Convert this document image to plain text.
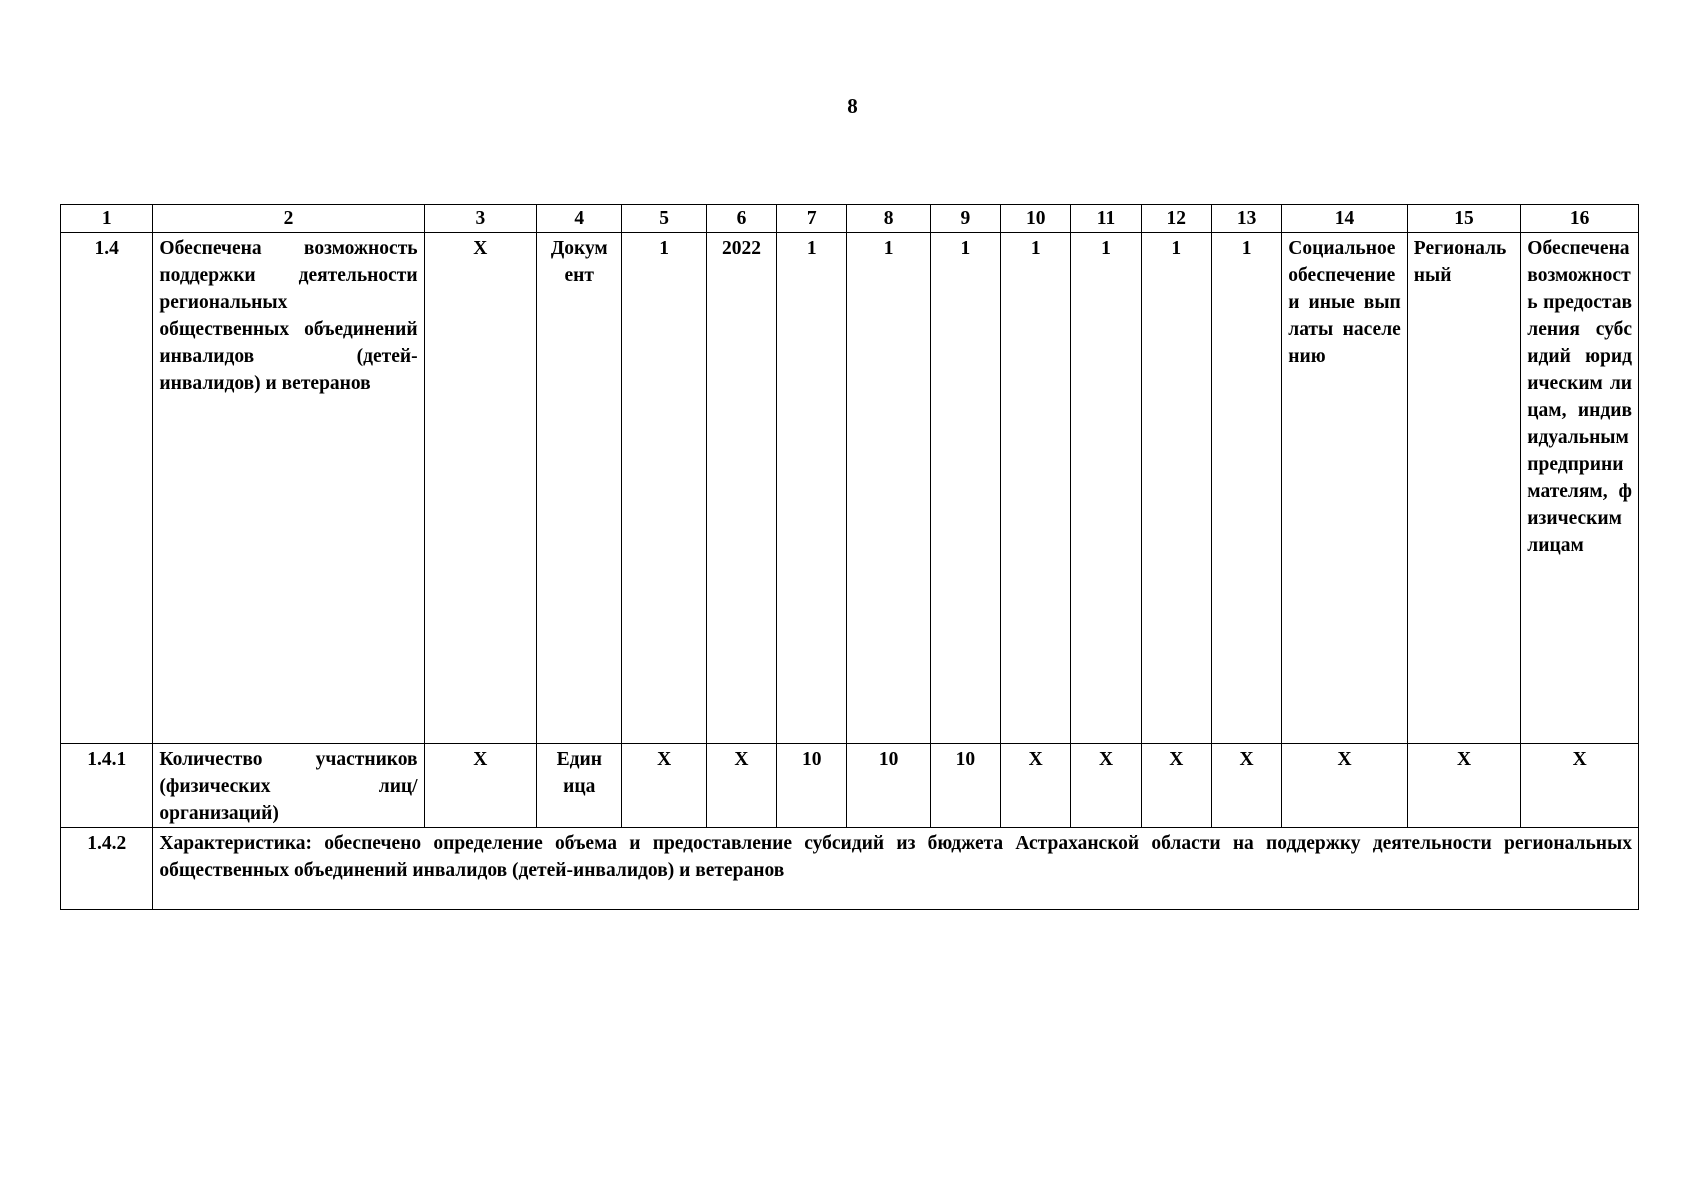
8
1	2	3	4	5	6	7	8	9	10	11	12	13	14	15	16
1.4	Обеспечена возможность поддержки деятельности региональных общественных объединений инвалидов (детей-инвалидов) и ветеранов	Х	Документ	1	2022	1	1	1	1	1	1	1	Социальное обеспечение и иные выплаты населению	Региональный	Обеспечена возможность предоставления субсидий юридическим лицам, индивидуальным предпринимателям, физическим лицам
1.4.1	Количество участников (физических лиц/организаций)	Х	Единица	Х	Х	10	10	10	Х	Х	Х	Х	Х	Х	Х
1.4.2	Характеристика: обеспечено определение объема и предоставление субсидий из бюджета Астраханской области на поддержку деятельности региональных общественных объединений инвалидов (детей-инвалидов) и ветеранов														
